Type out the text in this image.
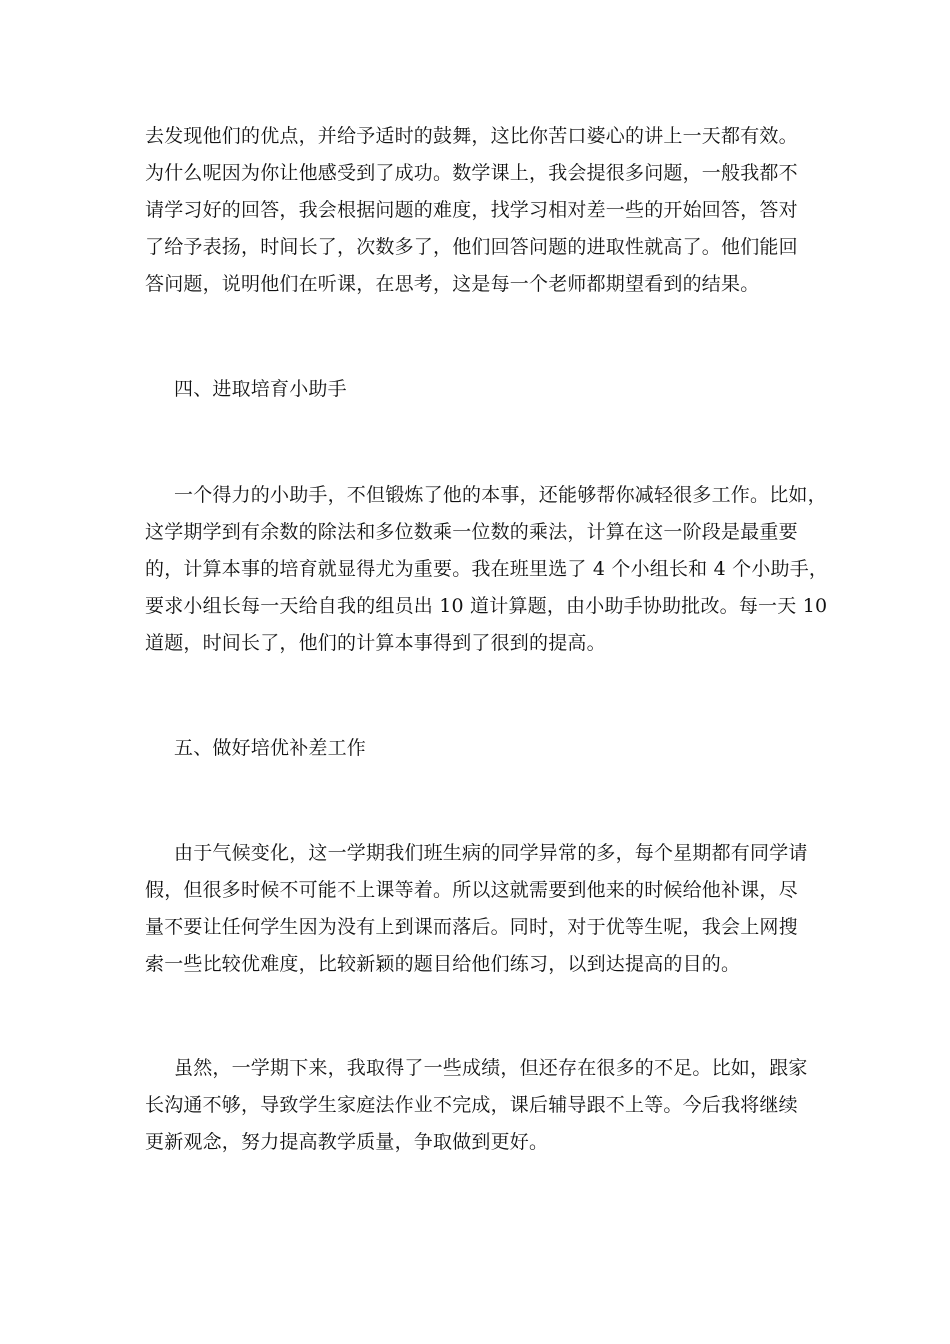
去发现他们的优点，并给予适时的鼓舞，这比你苦口婆心的讲上一天都有效。
为什么呢因为你让他感受到了成功。数学课上，我会提很多问题，一般我都不
请学习好的回答，我会根据问题的难度，找学习相对差一些的开始回答，答对
了给予表扬，时间长了，次数多了，他们回答问题的进取性就高了。他们能回
答问题，说明他们在听课，在思考，这是每一个老师都期望看到的结果。
四、进取培育小助手
一个得力的小助手，不但锻炼了他的本事，还能够帮你减轻很多工作。比如，
这学期学到有余数的除法和多位数乘一位数的乘法，计算在这一阶段是最重要
的，计算本事的培育就显得尤为重要。我在班里选了 4 个小组长和 4 个小助手，
要求小组长每一天给自我的组员出 10 道计算题，由小助手协助批改。每一天 10
道题，时间长了，他们的计算本事得到了很到的提高。
五、做好培优补差工作
由于气候变化，这一学期我们班生病的同学异常的多，每个星期都有同学请
假，但很多时候不可能不上课等着。所以这就需要到他来的时候给他补课，尽
量不要让任何学生因为没有上到课而落后。同时，对于优等生呢，我会上网搜
索一些比较优难度，比较新颖的题目给他们练习，以到达提高的目的。
虽然，一学期下来，我取得了一些成绩，但还存在很多的不足。比如，跟家
长沟通不够，导致学生家庭法作业不完成，课后辅导跟不上等。今后我将继续
更新观念，努力提高教学质量，争取做到更好。
